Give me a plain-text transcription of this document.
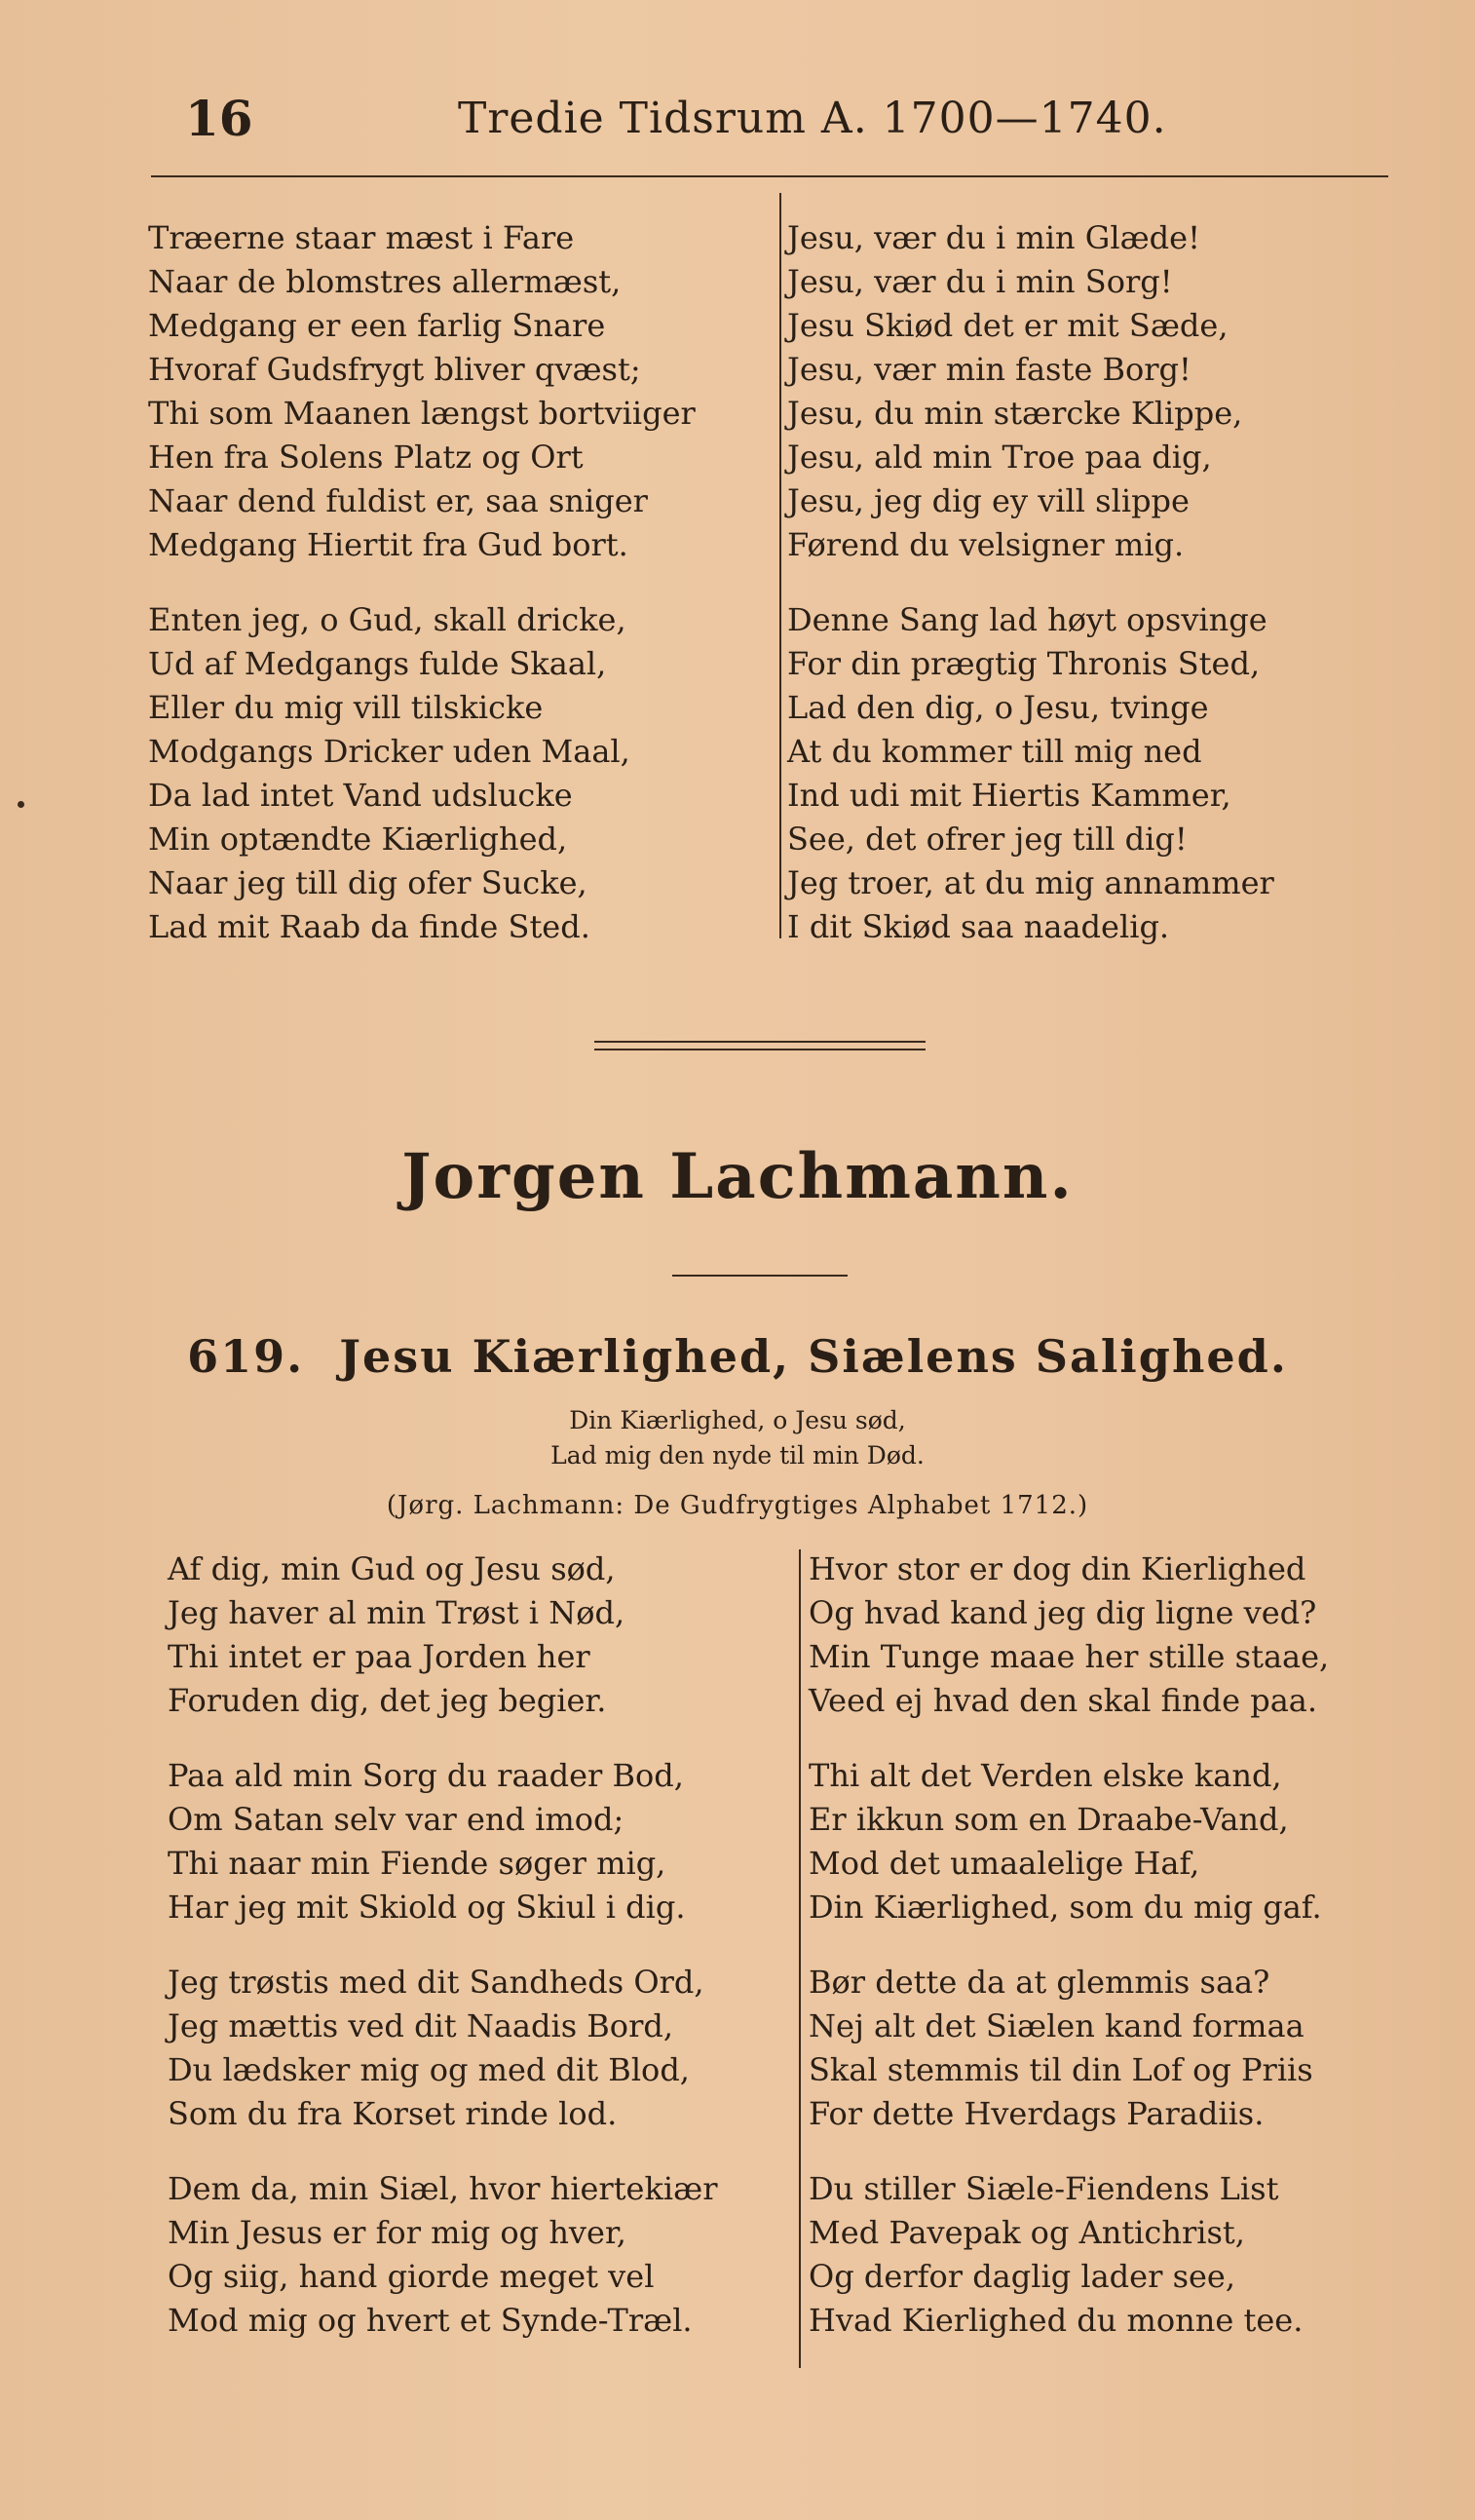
16	Tredie Tidsrum A. 1700—1740.
Træerne staar mæst i Fare
Naar de blomstres allermæst,
Medgang er een farlig Snare
Hvoraf Gudsfrygt bliver qvæst;
Thi som Maanen længst bortviiger
Hen fra Solens Platz og Ort
Naar dend fuldist er, saa sniger
Medgang Hiertit fra Gud bort.
Enten jeg, o Gud, skall dricke,
Ud af Medgangs fulde Skaal,
Eller du mig vill tilskicke
Modgangs Dricker uden Maal,
Da lad intet Vand udslucke
Min optændte Kiærlighed,
Naar jeg till dig ofer Sucke,
Lad mit Raab da finde Sted.
Jesu, vær du i min Glæde!
Jesu, vær du i min Sorg!
Jesu Skiød det er mit Sæde,
Jesu, vær min faste Borg!
Jesu, du min stærcke Klippe,
Jesu, ald min Troe paa dig,
Jesu, jeg dig ey vill slippe
Førend du velsigner mig.
Denne Sang lad høyt opsvinge
For din prægtig Thronis Sted,
Lad den dig, o Jesu, tvinge
At du kommer till mig ned
Ind udi mit Hiertis Kammer,
See, det ofrer jeg till dig!
Jeg troer, at du mig annammer
I dit Skiød saa naadelig.
Jorgen Lachmann.
619. Jesu Kiærlighed, Siælens Salighed.
Din Kiærlighed, o Jesu sød,
Lad mig den nyde til min Død.
(Jørg. Lachmann: De Gudfrygtiges Alphabet 1712.)
Af dig, min Gud og Jesu sød,
Jeg haver al min Trøst i Nød,
Thi intet er paa Jorden her
Foruden dig, det jeg begier.
Paa ald min Sorg du raader Bod,
Om Satan selv var end imod;
Thi naar min Fiende søger mig,
Har jeg mit Skiold og Skiul i dig.
Jeg trøstis med dit Sandheds Ord,
Jeg mættis ved dit Naadis Bord,
Du lædsker mig og med dit Blod,
Som du fra Korset rinde lod.
Dem da, min Siæl, hvor hiertekiær
Min Jesus er for mig og hver,
Og siig, hand giorde meget vel
Mod mig og hvert et Synde-Træl.
Hvor stor er dog din Kierlighed
Og hvad kand jeg dig ligne ved?
Min Tunge maae her stille staae,
Veed ej hvad den skal finde paa.
Thi alt det Verden elske kand,
Er ikkun som en Draabe-Vand,
Mod det umaalelige Haf,
Din Kiærlighed, som du mig gaf.
Bør dette da at glemmis saa?
Nej alt det Siælen kand formaa
Skal stemmis til din Lof og Priis
For dette Hverdags Paradiis.
Du stiller Siæle-Fiendens List
Med Pavepak og Antichrist,
Og derfor daglig lader see,
Hvad Kierlighed du monne tee.
